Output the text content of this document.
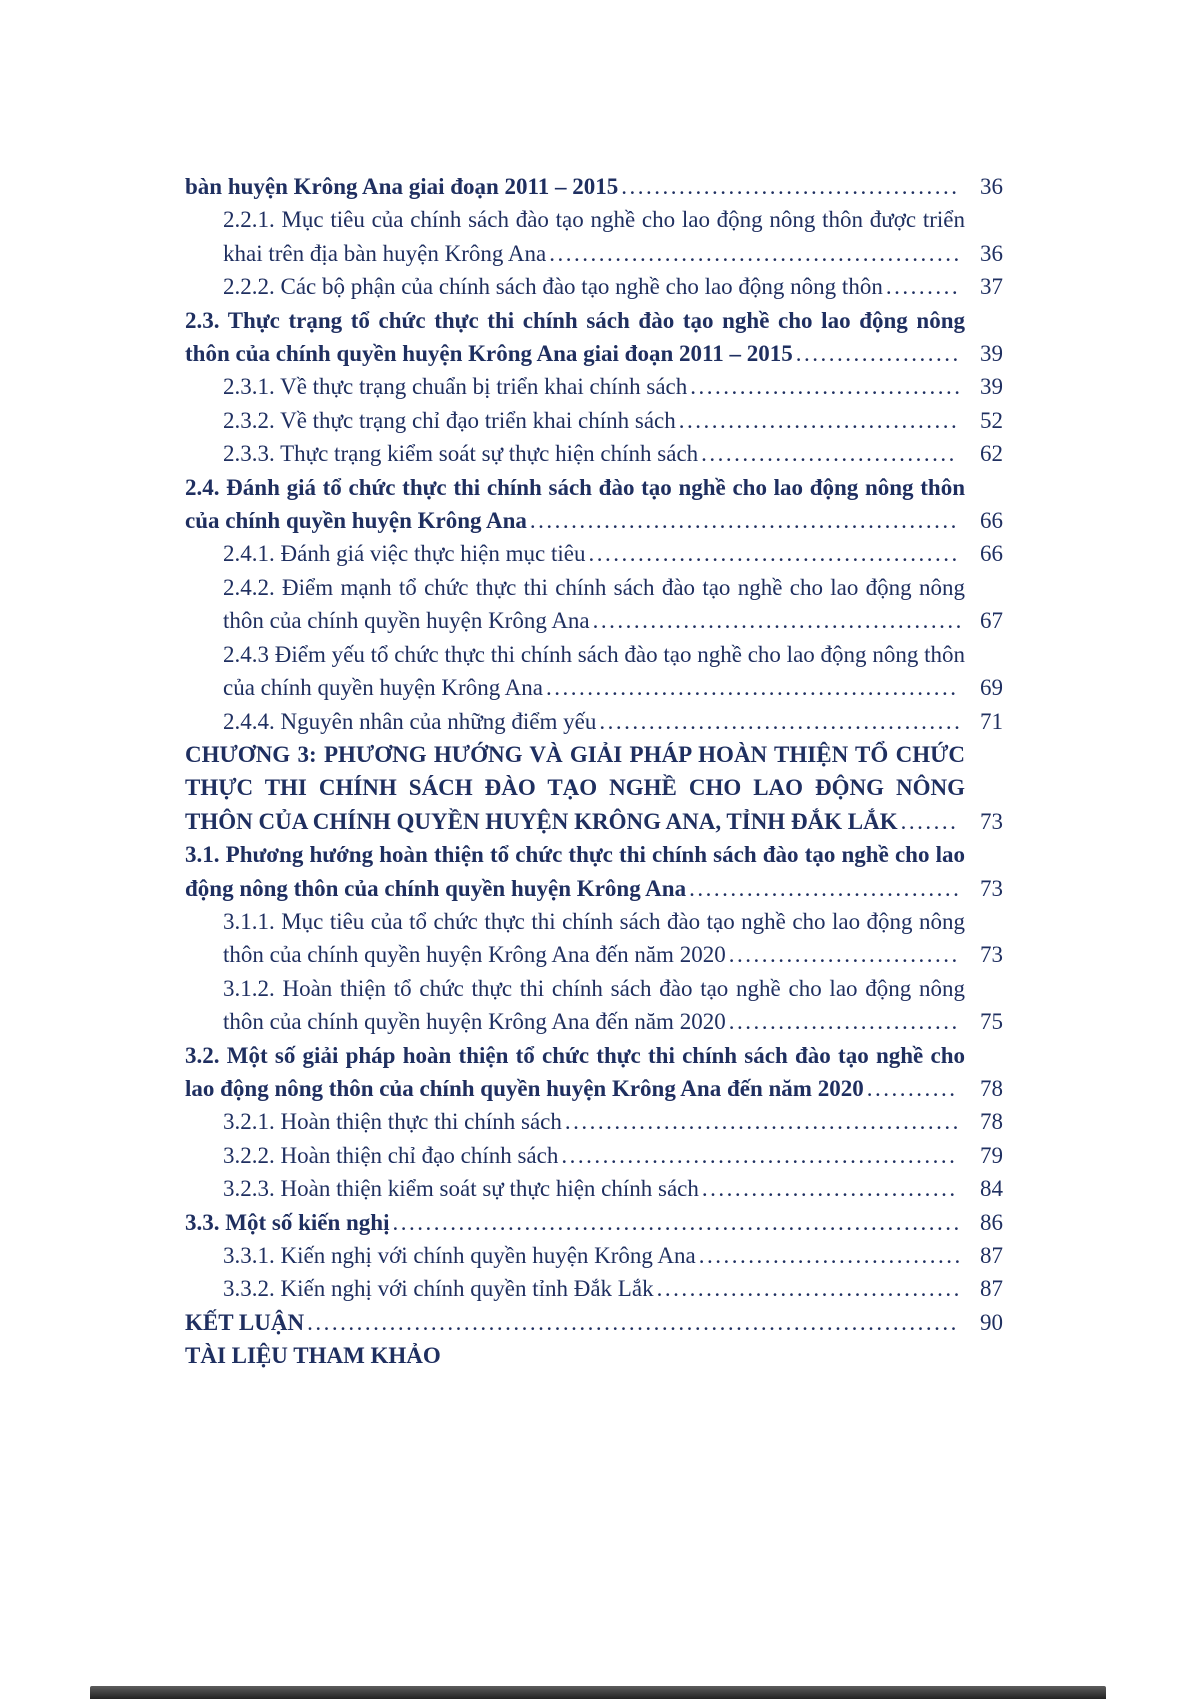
bàn huyện Krông Ana giai đoạn 2011 – 2015 ......................................... 36

2.2.1. Mục tiêu của chính sách đào tạo nghề cho lao động nông thôn được triển khai trên địa bàn huyện Krông Ana .................................................. 36

2.2.2. Các bộ phận của chính sách đào tạo nghề cho lao động nông thôn ......... 37

2.3. Thực trạng tổ chức thực thi chính sách đào tạo nghề cho lao động nông thôn của chính quyền huyện Krông Ana giai đoạn 2011 – 2015 .................... 39

2.3.1. Về thực trạng chuẩn bị triển khai chính sách ................................. 39

2.3.2. Về thực trạng chỉ đạo triển khai chính sách .................................. 52

2.3.3. Thực trạng kiểm soát sự thực hiện chính sách ............................... 62

2.4. Đánh giá tổ chức thực thi chính sách đào tạo nghề cho lao động nông thôn của chính quyền huyện Krông Ana .................................................... 66

2.4.1. Đánh giá việc thực hiện mục tiêu ............................................. 66

2.4.2. Điểm mạnh tổ chức thực thi chính sách đào tạo nghề cho lao động nông thôn của chính quyền huyện Krông Ana ............................................. 67

2.4.3 Điểm yếu tổ chức thực thi chính sách đào tạo nghề cho lao động nông thôn của chính quyền huyện Krông Ana .................................................. 69

2.4.4. Nguyên nhân của những điểm yếu ............................................ 71

CHƯƠNG 3: PHƯƠNG HƯỚNG VÀ GIẢI PHÁP HOÀN THIỆN TỔ CHỨC THỰC THI CHÍNH SÁCH ĐÀO TẠO NGHỀ CHO LAO ĐỘNG NÔNG THÔN CỦA CHÍNH QUYỀN HUYỆN KRÔNG ANA, TỈNH ĐẮK LẮK ....... 73

3.1. Phương hướng hoàn thiện tổ chức thực thi chính sách đào tạo nghề cho lao động nông thôn của chính quyền huyện Krông Ana ................................. 73

3.1.1. Mục tiêu của tổ chức thực thi chính sách đào tạo nghề cho lao động nông thôn của chính quyền huyện Krông Ana đến năm 2020 ............................ 73

3.1.2. Hoàn thiện tổ chức thực thi chính sách đào tạo nghề cho lao động nông thôn của chính quyền huyện Krông Ana đến năm 2020 ............................ 75

3.2. Một số giải pháp hoàn thiện tổ chức thực thi chính sách đào tạo nghề cho lao động nông thôn của chính quyền huyện Krông Ana đến năm 2020 ........... 78

3.2.1. Hoàn thiện thực thi chính sách ................................................ 78

3.2.2. Hoàn thiện chỉ đạo chính sách ................................................ 79

3.2.3. Hoàn thiện kiểm soát sự thực hiện chính sách ............................... 84

3.3. Một số kiến nghị ..................................................................... 86

3.3.1. Kiến nghị với chính quyền huyện Krông Ana ................................ 87

3.3.2. Kiến nghị với chính quyền tỉnh Đắk Lắk ..................................... 87

KẾT LUẬN ............................................................................... 90

TÀI LIỆU THAM KHẢO
